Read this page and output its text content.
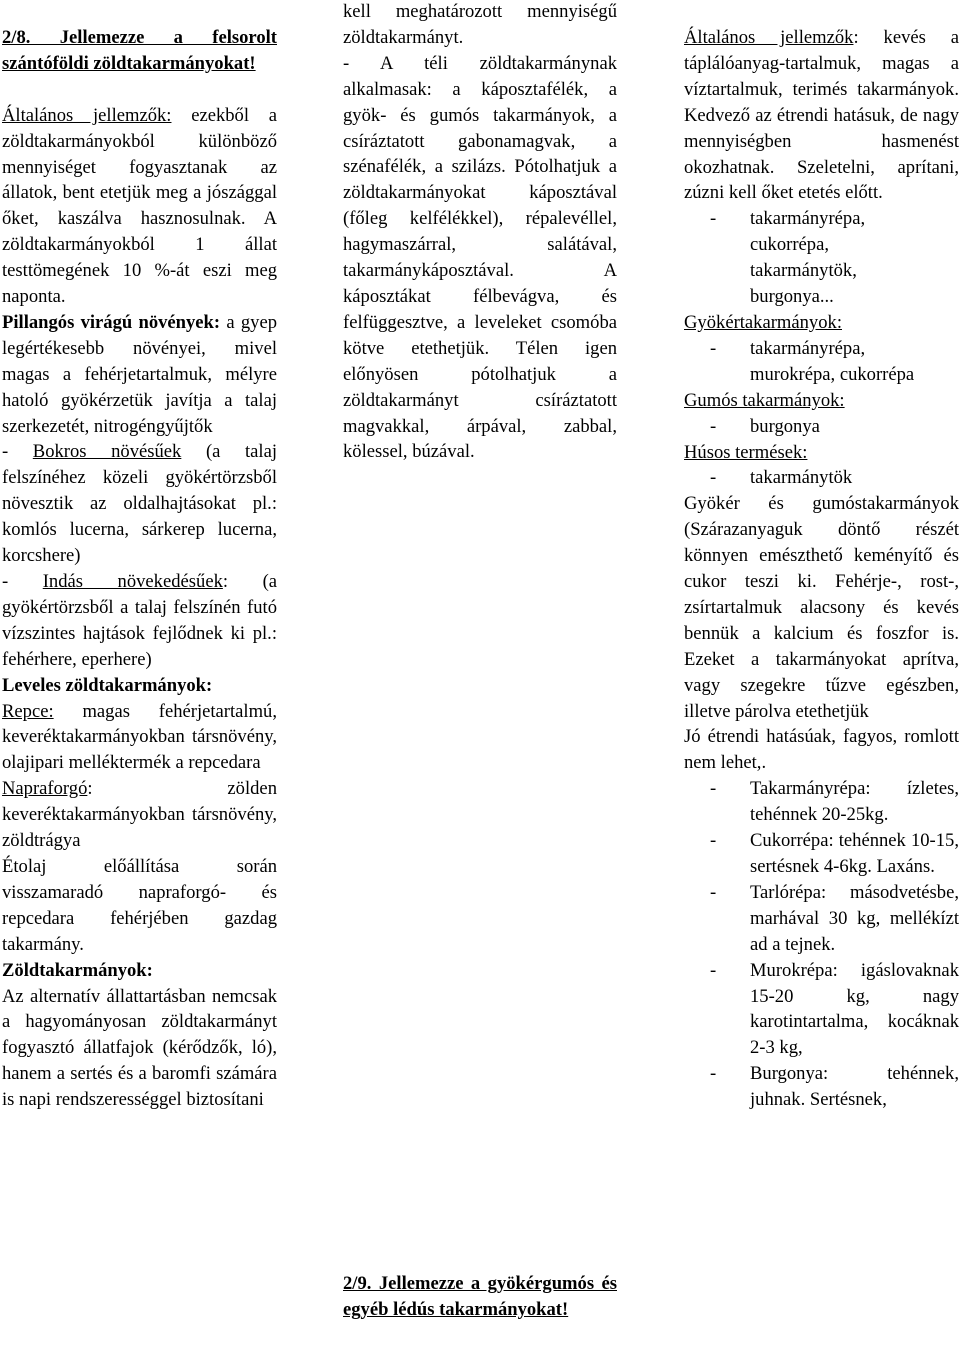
2/8. Jellemezze a felsorolt szántóföldi zöldtakarmányokat!

Általános jellemzők: ezekből a zöldtakarmányokból különböző mennyiséget fogyasztanak az állatok, bent etetjük meg a jószággal őket, kaszálva hasznosulnak. A zöldtakarmányokból 1 állat testtömegének 10 %-át eszi meg naponta.

Pillangós virágú növények: a gyep legértékesebb növényei, mivel magas a fehérjetartalmuk, mélyre hatoló gyökérzetük javítja a talaj szerkezetét, nitrogéngyűjtők

- Bokros növésűek (a talaj felszínéhez közeli gyökértörzsből növesztik az oldalhajtásokat pl.: komlós lucerna, sárkerep lucerna, korcshere)

- Indás növekedésűek: (a gyökértörzsből a talaj felszínén futó vízszintes hajtások fejlődnek ki pl.: fehérhere, eperhere)

Leveles zöldtakarmányok:

Repce: magas fehérjetartalmú, keveréktakarmányokban társnövény, olajipari melléktermék a repcedara

Napraforgó: zölden keveréktakarmányokban társnövény, zöldtrágya

Étolaj előállítása során visszamaradó napraforgó- és repcedara fehérjében gazdag takarmány.

Zöldtakarmányok:

Az alternatív állattartásban nemcsak a hagyományosan zöldtakarmányt fogyasztó állatfajok (kérődzők, ló), hanem a sertés és a baromfi számára is napi rendszerességgel biztosítani

kell meghatározott mennyiségű zöldtakarmányt.

- A téli zöldtakarmánynak alkalmasak: a káposztafélék, a gyök- és gumós takarmányok, a csíráztatott gabonamagvak, a szénafélék, a szilázs. Pótolhatjuk a zöldtakarmányokat káposztával (főleg kelfélékkel), répalevéllel, hagymaszárral, salátával, takarmánykáposztával. A káposztákat félbevágva, és felfüggesztve, a leveleket csomóba kötve etethetjük. Télen igen előnyösen pótolhatjuk a zöldtakarmányt csíráztatott magvakkal, árpával, zabbal, kölessel, búzával.

2/9. Jellemezze a gyökérgumós és egyéb lédús takarmányokat!

Általános jellemzők: kevés a táplálóanyag-tartalmuk, magas a víztartalmuk, terimés takarmányok. Kedvező az étrendi hatásuk, de nagy mennyiségben hasmenést okozhatnak. Szeletelni, aprítani, zúzni kell őket etetés előtt.

- takarmányrépa,

cukorrépa,

takarmánytök,

burgonya...

Gyökértakarmányok:

- takarmányrépa,

murokrépa, cukorrépa

Gumós takarmányok:

- burgonya

Húsos termések:

- takarmánytök

Gyökér és gumóstakarmányok (Szárazanyaguk döntő részét könnyen emészthető keményítő és cukor teszi ki. Fehérje-, rost-, zsírtartalmuk alacsony és kevés bennük a kalcium és foszfor is. Ezeket a takarmányokat aprítva, vagy szegekre tűzve egészben, illetve párolva etethetjük

Jó étrendi hatásúak, fagyos, romlott nem lehet,.

- Takarmányrépa: ízletes, tehénnek 20-25kg.

- Cukorrépa: tehénnek 10-15, sertésnek 4-6kg. Laxáns.

- Tarlórépa: másodvetésbe, marhával 30 kg, mellékízt ad a tejnek.

- Murokrépa: igáslovaknak 15-20 kg, nagy karotintartalma, kocáknak 2-3 kg,

- Burgonya: tehénnek, juhnak. Sertésnek,
